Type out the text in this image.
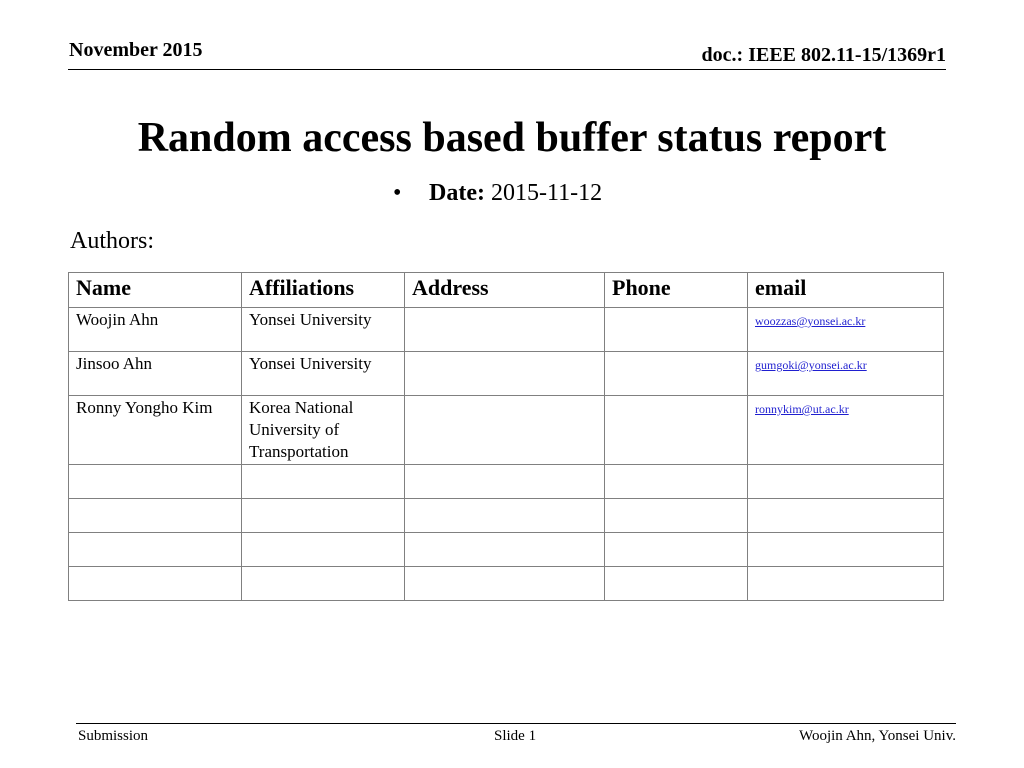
November 2015	doc.: IEEE 802.11-15/1369r1
Random access based buffer status report
• Date: 2015-11-12
Authors:
Name	Affiliations	Address	Phone	email
Woojin Ahn	Yonsei University			woozzas@yonsei.ac.kr
Jinsoo Ahn	Yonsei University			gumgoki@yonsei.ac.kr
Ronny Yongho Kim	Korea National University of Transportation			ronnykim@ut.ac.kr

Submission	Slide 1	Woojin Ahn, Yonsei Univ.
